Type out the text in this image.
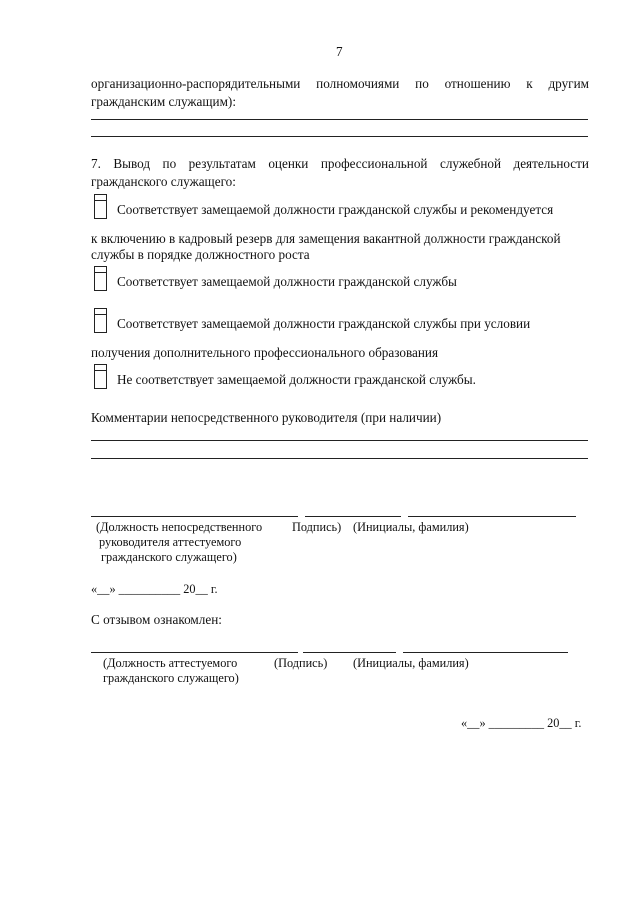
7
организационно-распорядительными полномочиями по отношению к другим
гражданским служащим):
7. Вывод по результатам оценки профессиональной служебной деятельности
гражданского служащего:
Соответствует замещаемой должности гражданской службы и рекомендуется
к включению в кадровый резерв для замещения вакантной должности гражданской
службы в порядке должностного роста
Соответствует замещаемой должности гражданской службы
Соответствует замещаемой должности гражданской службы при условии
получения дополнительного профессионального образования
Не соответствует замещаемой должности гражданской службы.
Комментарии непосредственного руководителя (при наличии)
(Должность непосредственного
руководителя аттестуемого
гражданского служащего)
Подпись) (Инициалы, фамилия)
«__» __________ 20__ г.
С отзывом ознакомлен:
(Должность аттестуемого
гражданского служащего)
(Подпись) (Инициалы, фамилия)
«__» _________ 20__ г.
